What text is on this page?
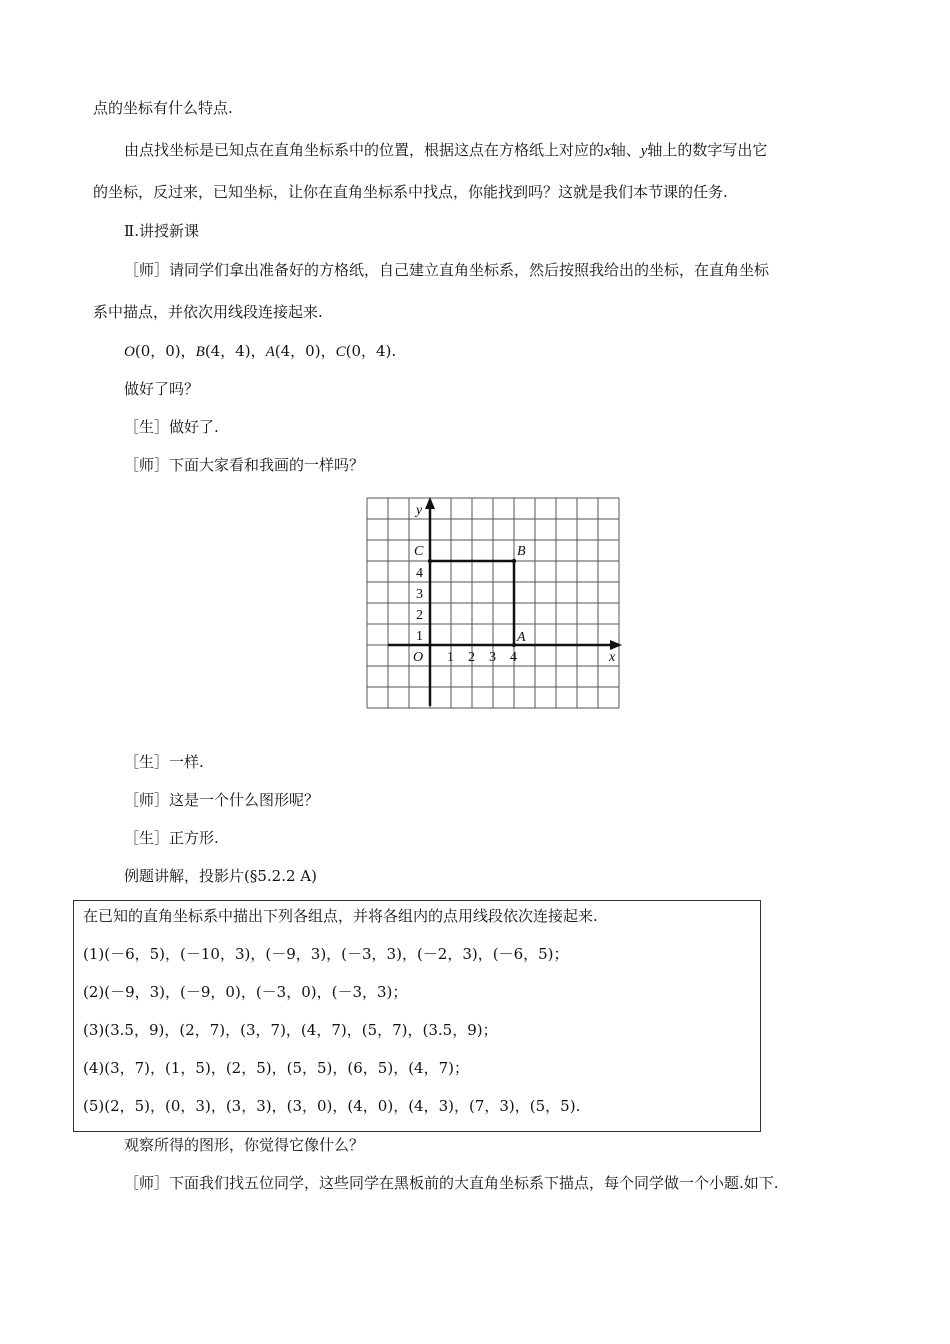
点的坐标有什么特点.
由点找坐标是已知点在直角坐标系中的位置，根据这点在方格纸上对应的x轴、y轴上的数字写出它
的坐标，反过来，已知坐标，让你在直角坐标系中找点，你能找到吗？这就是我们本节课的任务.
Ⅱ.讲授新课
［师］请同学们拿出准备好的方格纸，自己建立直角坐标系，然后按照我给出的坐标，在直角坐标
系中描点，并依次用线段连接起来.
O(0，0)，B(4，4)，A(4，0)，C(0，4).
做好了吗？
［生］做好了.
［师］下面大家看和我画的一样吗？
1 2 3 4
1
2
3
4
x
y
O
C	B
A
［生］一样.
［师］这是一个什么图形呢？
［生］正方形.
例题讲解，投影片(§5.2.2 A)
在已知的直角坐标系中描出下列各组点，并将各组内的点用线段依次连接起来.
(1)(－6，5)，(－10，3)，(－9，3)，(－3，3)，(－2，3)，(－6，5)；
(2)(－9，3)，(－9，0)，(－3，0)，(－3，3)；
(3)(3.5，9)，(2，7)，(3，7)，(4，7)，(5，7)，(3.5，9)；
(4)(3，7)，(1，5)，(2，5)，(5，5)，(6，5)，(4，7)；
(5)(2，5)，(0，3)，(3，3)，(3，0)，(4，0)，(4，3)，(7，3)，(5，5).
观察所得的图形，你觉得它像什么？
［师］下面我们找五位同学，这些同学在黑板前的大直角坐标系下描点，每个同学做一个小题.如下.
